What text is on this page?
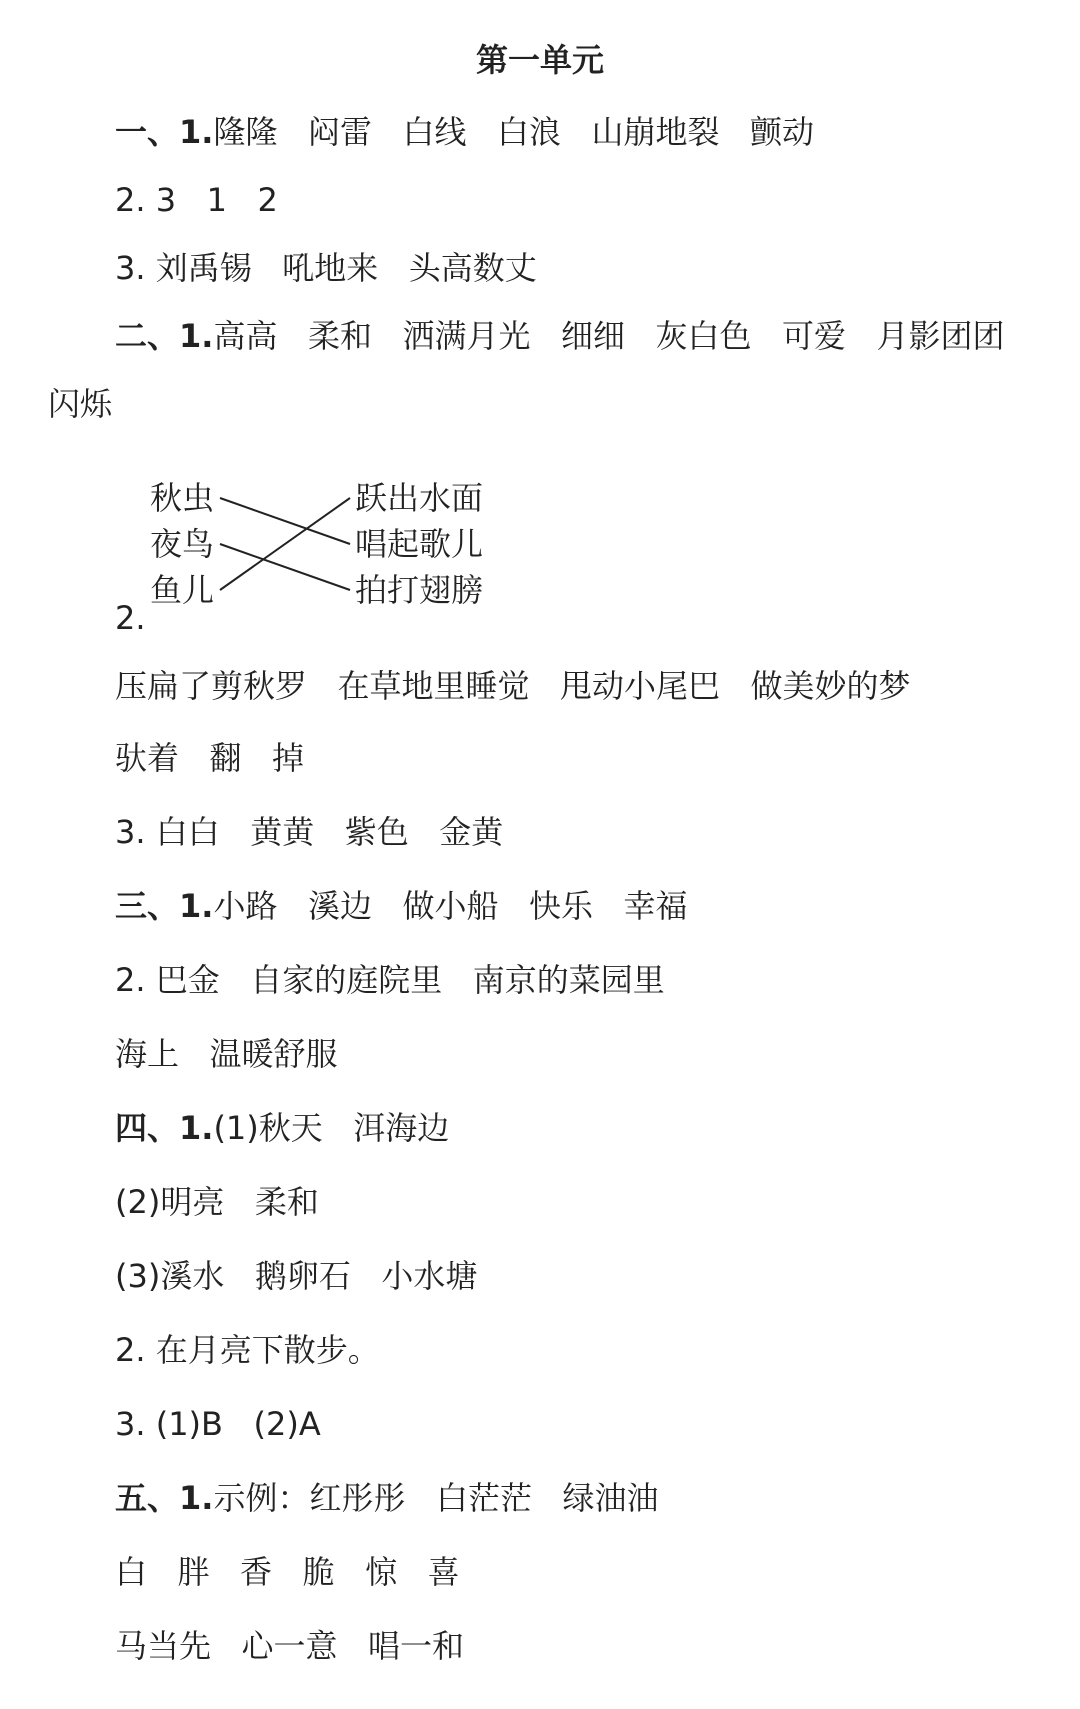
第一单元
一、1.隆隆   闷雷   白线   白浪   山崩地裂   颤动
2. 3   1   2
3. 刘禹锡   吼地来   头高数丈
二、1.高高   柔和   洒满月光   细细   灰白色   可爱   月影团团
闪烁
秋虫
夜鸟
鱼儿
跃出水面
唱起歌儿
拍打翅膀
2.
压扁了剪秋罗   在草地里睡觉   甩动小尾巴   做美妙的梦
驮着   翻   掉
3. 白白   黄黄   紫色   金黄
三、1.小路   溪边   做小船   快乐   幸福
2. 巴金   自家的庭院里   南京的菜园里
海上   温暖舒服
四、1.(1)秋天   洱海边
(2)明亮   柔和
(3)溪水   鹅卵石   小水塘
2. 在月亮下散步。
3. (1)B   (2)A
五、1.示例：红彤彤   白茫茫   绿油油
白   胖   香   脆   惊   喜
马当先   心一意   唱一和
